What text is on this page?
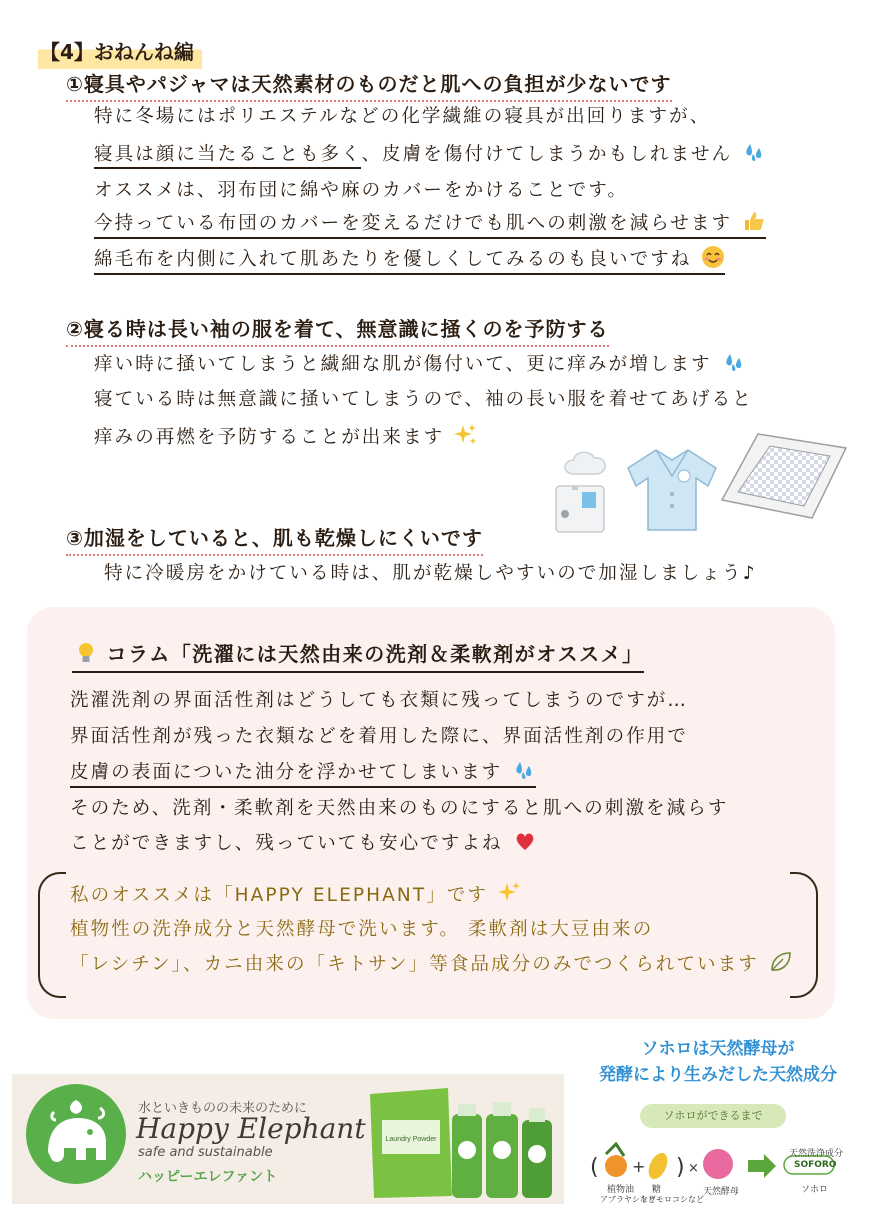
【4】おねんね編
①寝具やパジャマは天然素材のものだと肌への負担が少ないです
特に冬場にはポリエステルなどの化学繊維の寝具が出回りますが、
寝具は顔に当たることも多く、皮膚を傷付けてしまうかもしれません
オススメは、羽布団に綿や麻のカバーをかけることです。
今持っている布団のカバーを変えるだけでも肌への刺激を減らせます
綿毛布を内側に入れて肌あたりを優しくしてみるのも良いですね
②寝る時は長い袖の服を着て、無意識に掻くのを予防する
痒い時に掻いてしまうと繊細な肌が傷付いて、更に痒みが増します
寝ている時は無意識に掻いてしまうので、袖の長い服を着せてあげると
痒みの再燃を予防することが出来ます
③加湿をしていると、肌も乾燥しにくいです
特に冷暖房をかけている時は、肌が乾燥しやすいので加湿しましょう♪
コラム「洗濯には天然由来の洗剤＆柔軟剤がオススメ」
洗濯洗剤の界面活性剤はどうしても衣類に残ってしまうのですが…
界面活性剤が残った衣類などを着用した際に、界面活性剤の作用で
皮膚の表面についた油分を浮かせてしまいます
そのため、洗剤・柔軟剤を天然由来のものにすると肌への刺激を減らす
ことができますし、残っていても安心ですよね
私のオススメは「HAPPY ELEPHANT」です
植物性の洗浄成分と天然酵母で洗います。 柔軟剤は大豆由来の
「レシチン」、カニ由来の「キトサン」等食品成分のみでつくられています
水といきものの未来のために
Happy Elephant
safe and sustainable
ハッピーエレファント
Laundry Powder
ソホロは天然酵母が
発酵により生みだした天然成分
ソホロができるまで
( + ) ×
植物油
アブラヤシなど
糖
トウモロコシなど
天然酵母
天然洗浄成分
SOFORO
ソホロ
